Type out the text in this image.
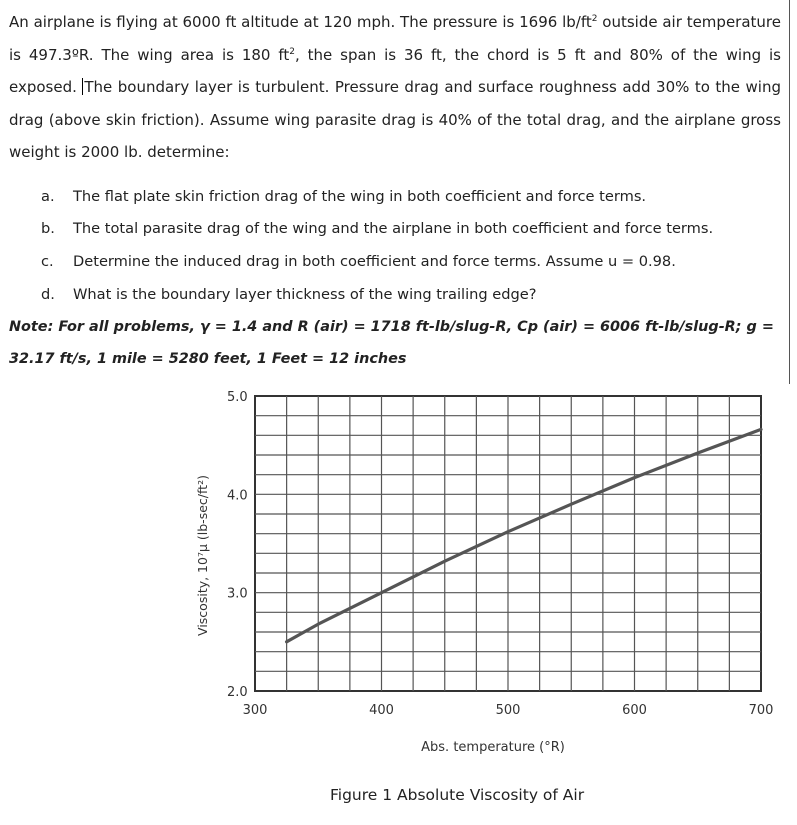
An airplane is flying at 6000 ft altitude at 120 mph. The pressure is 1696 $lb/ft^2$ outside air temperature is 497.3ºR. The wing area is 180 $ft^2$, the span is 36 ft, the chord is 5 ft and 80% of the wing is exposed. The boundary layer is turbulent. Pressure drag and surface roughness add 30% to the wing drag (above skin friction). Assume wing parasite drag is 40% of the total drag, and the airplane gross weight is 2000 lb. determine:
a. The flat plate skin friction drag of the wing in both coefficient and force terms.
b. The total parasite drag of the wing and the airplane in both coefficient and force terms.
c. Determine the induced drag in both coefficient and force terms. Assume u = 0.98.
d. What is the boundary layer thickness of the wing trailing edge?
Note: For all problems, γ = 1.4 and R (air) = 1718 ft-lb/slug-R, Cp (air) = 6006 ft-lb/slug-R; g = 32.17 ft/s, 1 mile = 5280 feet, 1 Feet = 12 inches
5.0
4.0
3.0
2.0
300	400	500	600	700
Abs. temperature (°R)
Viscosity, 10⁷μ (lb-sec/ft²)
Figure 1 Absolute Viscosity of Air
